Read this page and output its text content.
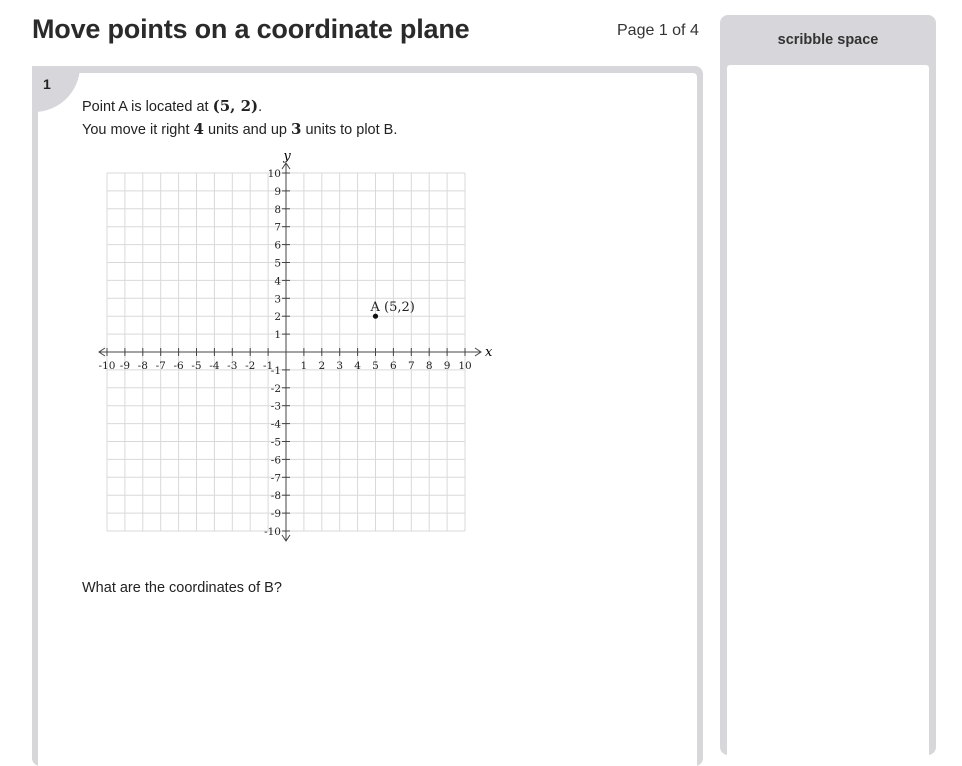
Move points on a coordinate plane	Page 1 of 4
1
Point A is located at (5, 2).
You move it right 4 units and up 3 units to plot B.
-10 -9 -8 -7 -6 -5 -4 -3 -2 -1	1 2 3 4 5 6 7 8 9 10
10
9
8
7
6
5
4
3
2
1
-1
-2
-3
-4
-5
-6
-7
-8
-9
-10
x
y
A (5,2)
What are the coordinates of B?
scribble space
